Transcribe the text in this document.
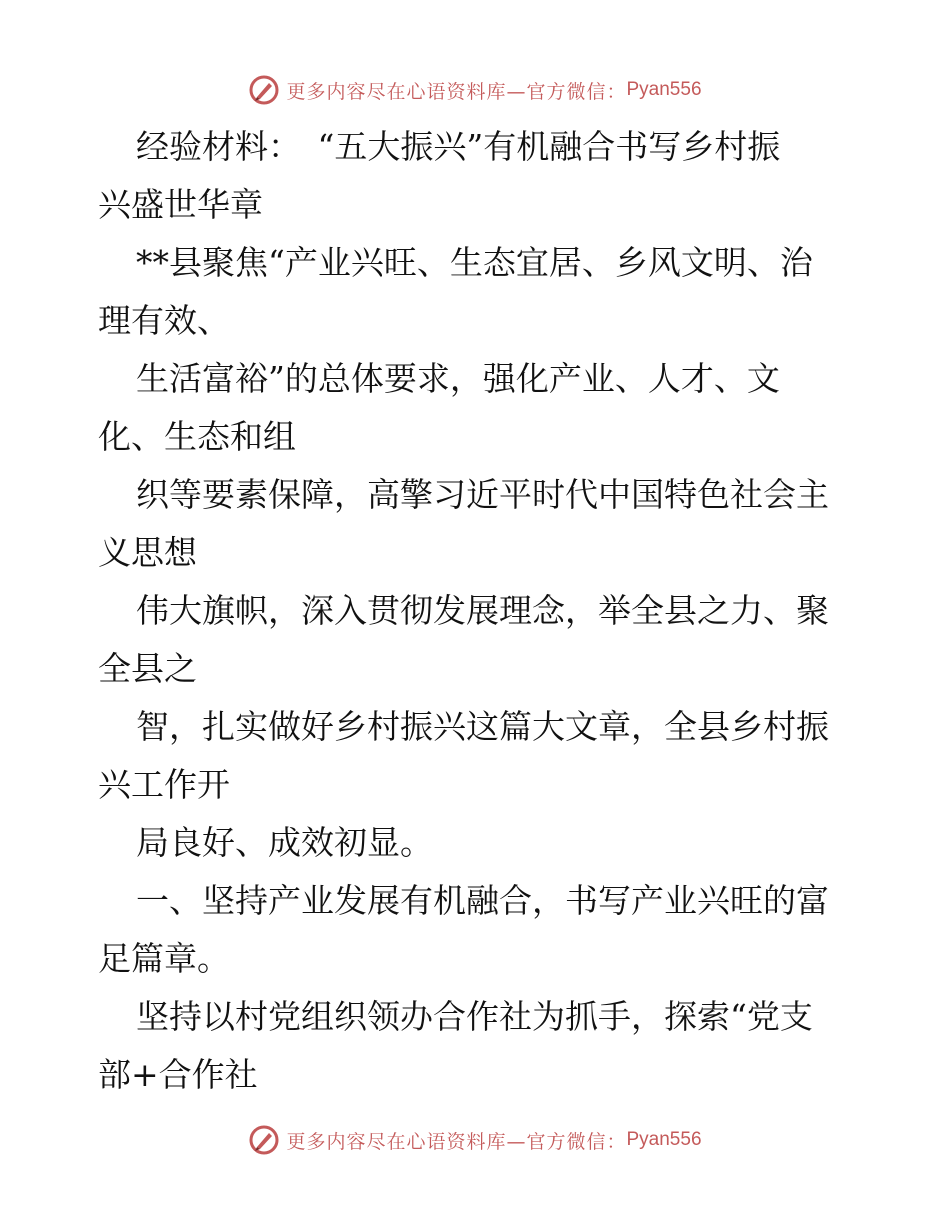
更多内容尽在心语资料库—官方微信： Pyan556
经验材料：　“五大振兴”有机融合书写乡村振
兴盛世华章
**县聚焦“产业兴旺、生态宜居、乡风文明、治
理有效、
生活富裕”的总体要求，强化产业、人才、文
化、生态和组
织等要素保障，高擎习近平时代中国特色社会主
义思想
伟大旗帜，深入贯彻发展理念，举全县之力、聚
全县之
智，扎实做好乡村振兴这篇大文章，全县乡村振
兴工作开
局良好、成效初显。
一、坚持产业发展有机融合，书写产业兴旺的富
足篇章。
坚持以村党组织领办合作社为抓手，探索“党支
部+合作社
更多内容尽在心语资料库—官方微信： Pyan556
